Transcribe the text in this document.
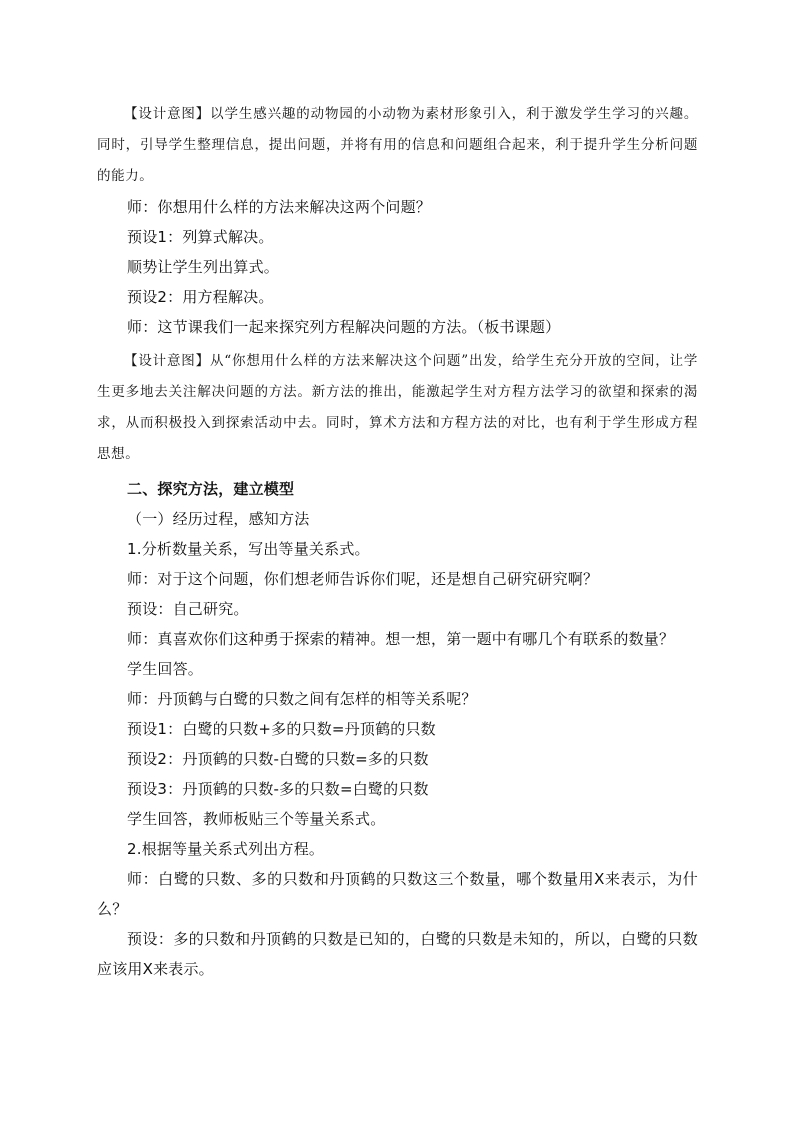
【设计意图】以学生感兴趣的动物园的小动物为素材形象引入，利于激发学生学习的兴趣。同时，引导学生整理信息，提出问题，并将有用的信息和问题组合起来，利于提升学生分析问题的能力。

师：你想用什么样的方法来解决这两个问题？

预设1：列算式解决。

顺势让学生列出算式。

预设2：用方程解决。

师：这节课我们一起来探究列方程解决问题的方法。（板书课题）

【设计意图】从“你想用什么样的方法来解决这个问题”出发，给学生充分开放的空间，让学生更多地去关注解决问题的方法。新方法的推出，能激起学生对方程方法学习的欲望和探索的渴求，从而积极投入到探索活动中去。同时，算术方法和方程方法的对比，也有利于学生形成方程思想。

二、探究方法，建立模型

（一）经历过程，感知方法

1.分析数量关系，写出等量关系式。

师：对于这个问题，你们想老师告诉你们呢，还是想自己研究研究啊？

预设：自己研究。

师：真喜欢你们这种勇于探索的精神。想一想，第一题中有哪几个有联系的数量？

学生回答。

师：丹顶鹤与白鹭的只数之间有怎样的相等关系呢？

预设1：白鹭的只数+多的只数=丹顶鹤的只数

预设2：丹顶鹤的只数-白鹭的只数=多的只数

预设3：丹顶鹤的只数-多的只数=白鹭的只数

学生回答，教师板贴三个等量关系式。

2.根据等量关系式列出方程。

师：白鹭的只数、多的只数和丹顶鹤的只数这三个数量，哪个数量用X来表示，为什么？

预设：多的只数和丹顶鹤的只数是已知的，白鹭的只数是未知的，所以，白鹭的只数应该用X来表示。
